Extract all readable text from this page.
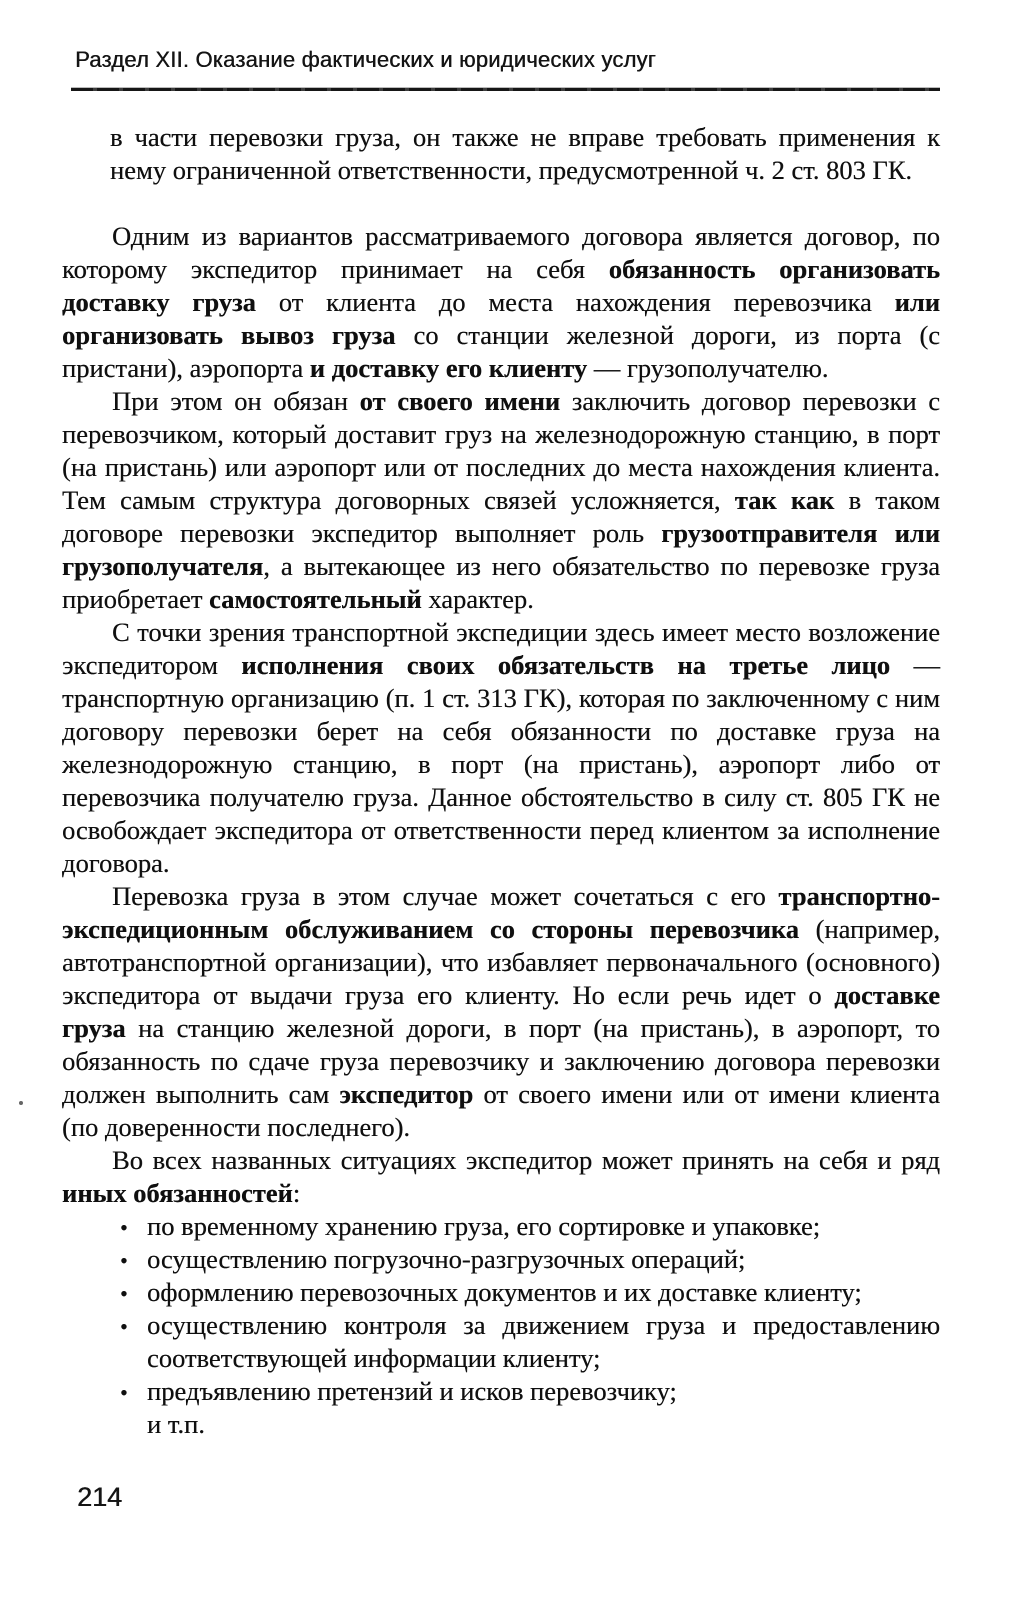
Раздел XII. Оказание фактических и юридических услуг

в части перевозки груза, он также не вправе требовать применения к нему ограниченной ответственности, предусмотренной ч. 2 ст. 803 ГК.

Одним из вариантов рассматриваемого договора является договор, по которому экспедитор принимает на себя обязанность организовать доставку груза от клиента до места нахождения перевозчика или организовать вывоз груза со станции железной дороги, из порта (с пристани), аэропорта и доставку его клиенту — грузополучателю.

При этом он обязан от своего имени заключить договор перевозки с перевозчиком, который доставит груз на железнодорожную станцию, в порт (на пристань) или аэропорт или от последних до места нахождения клиента. Тем самым структура договорных связей усложняется, так как в таком договоре перевозки экспедитор выполняет роль грузоотправителя или грузополучателя, а вытекающее из него обязательство по перевозке груза приобретает самостоятельный характер.

С точки зрения транспортной экспедиции здесь имеет место возложение экспедитором исполнения своих обязательств на третье лицо — транспортную организацию (п. 1 ст. 313 ГК), которая по заключенному с ним договору перевозки берет на себя обязанности по доставке груза на железнодорожную станцию, в порт (на пристань), аэропорт либо от перевозчика получателю груза. Данное обстоятельство в силу ст. 805 ГК не освобождает экспедитора от ответственности перед клиентом за исполнение договора.

Перевозка груза в этом случае может сочетаться с его транспортно-экспедиционным обслуживанием со стороны перевозчика (например, автотранспортной организации), что избавляет первоначального (основного) экспедитора от выдачи груза его клиенту. Но если речь идет о доставке груза на станцию железной дороги, в порт (на пристань), в аэропорт, то обязанность по сдаче груза перевозчику и заключению договора перевозки должен выполнить сам экспедитор от своего имени или от имени клиента (по доверенности последнего).

Во всех названных ситуациях экспедитор может принять на себя и ряд иных обязанностей:

• по временному хранению груза, его сортировке и упаковке;
• осуществлению погрузочно-разгрузочных операций;
• оформлению перевозочных документов и их доставке клиенту;
• осуществлению контроля за движением груза и предоставлению соответствующей информации клиенту;
• предъявлению претензий и исков перевозчику;

и т.п.

214
